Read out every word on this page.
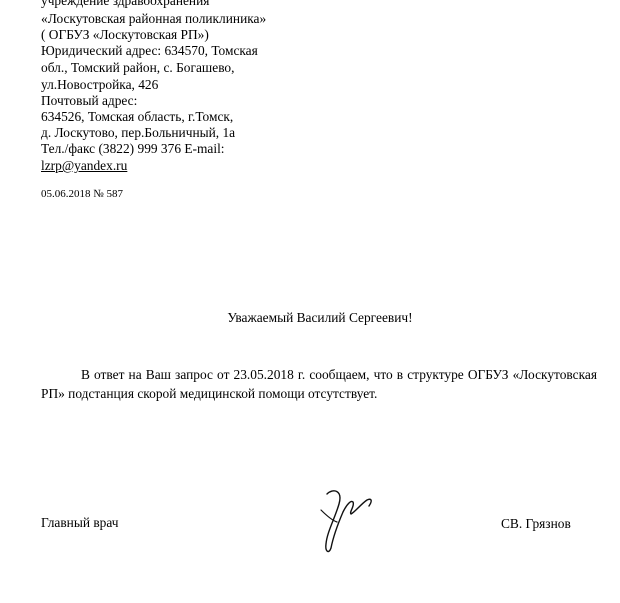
учреждение здравоохранения
«Лоскутовская районная поликлиника»
( ОГБУЗ «Лоскутовская РП»)
Юридический адрес: 634570, Томская
обл., Томский район, с. Богашево,
ул.Новостройка, 426
Почтовый адрес:
634526, Томская область, г.Томск,
д. Лоскутово, пер.Больничный, 1а
Тел./факс (3822) 999 376 E-mail:
lzrp@yandex.ru
05.06.2018 № 587
Уважаемый Василий Сергеевич!
В ответ на Ваш запрос от 23.05.2018 г. сообщаем, что в структуре ОГБУЗ «Лоскутовская РП» подстанция скорой медицинской помощи отсутствует.
Главный врач	СВ. Грязнов
